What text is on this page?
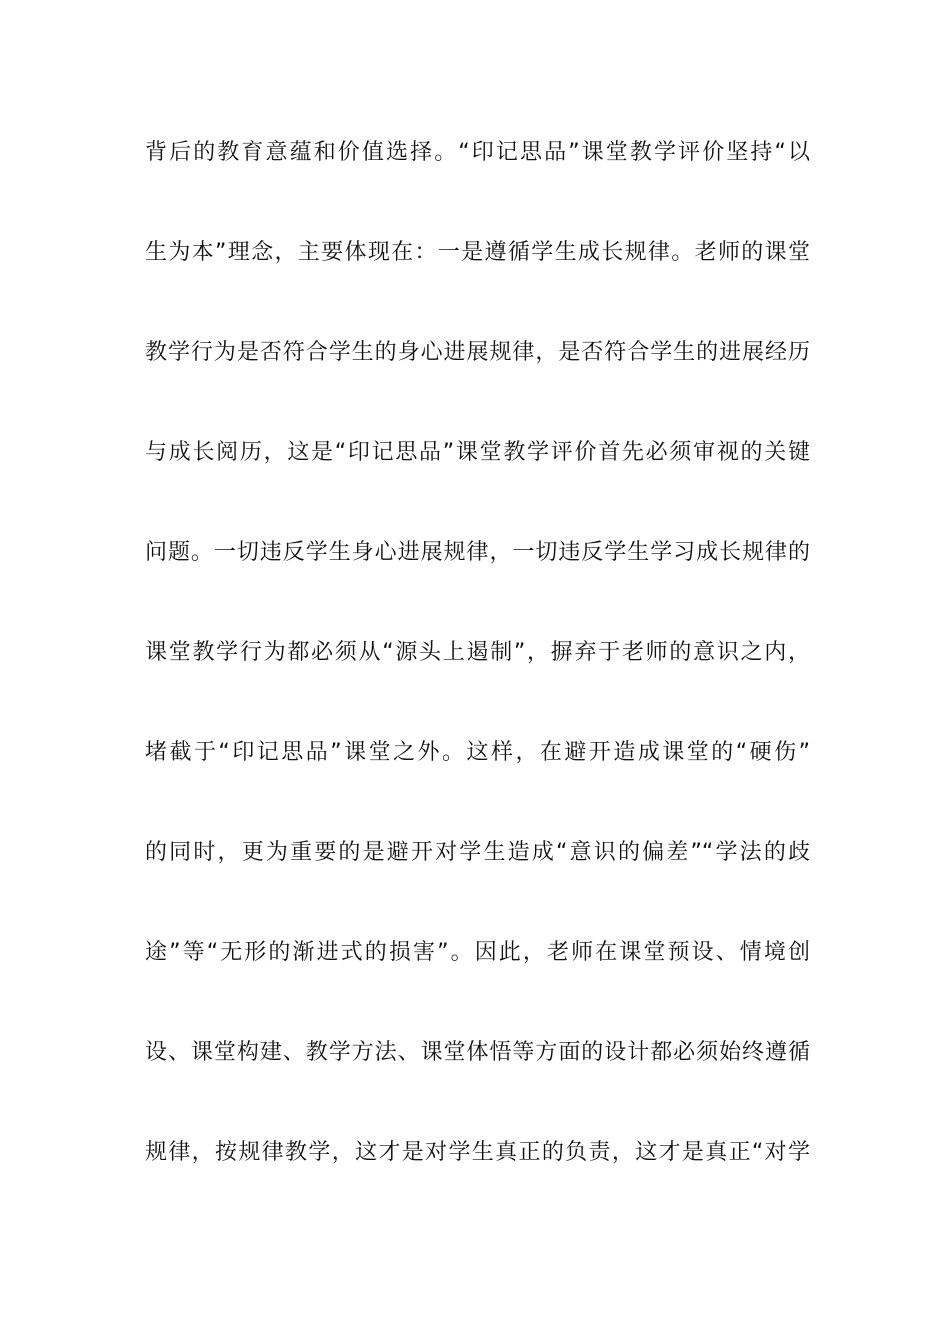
背后的教育意蕴和价值选择。“印记思品”课堂教学评价坚持“以
生为本”理念，主要体现在：一是遵循学生成长规律。老师的课堂
教学行为是否符合学生的身心进展规律，是否符合学生的进展经历
与成长阅历，这是“印记思品”课堂教学评价首先必须审视的关键
问题。一切违反学生身心进展规律，一切违反学生学习成长规律的
课堂教学行为都必须从“源头上遏制”，摒弃于老师的意识之内，
堵截于“印记思品”课堂之外。这样，在避开造成课堂的“硬伤”
的同时，更为重要的是避开对学生造成“意识的偏差”“学法的歧
途”等“无形的渐进式的损害”。因此，老师在课堂预设、情境创
设、课堂构建、教学方法、课堂体悟等方面的设计都必须始终遵循
规律，按规律教学，这才是对学生真正的负责，这才是真正“对学
